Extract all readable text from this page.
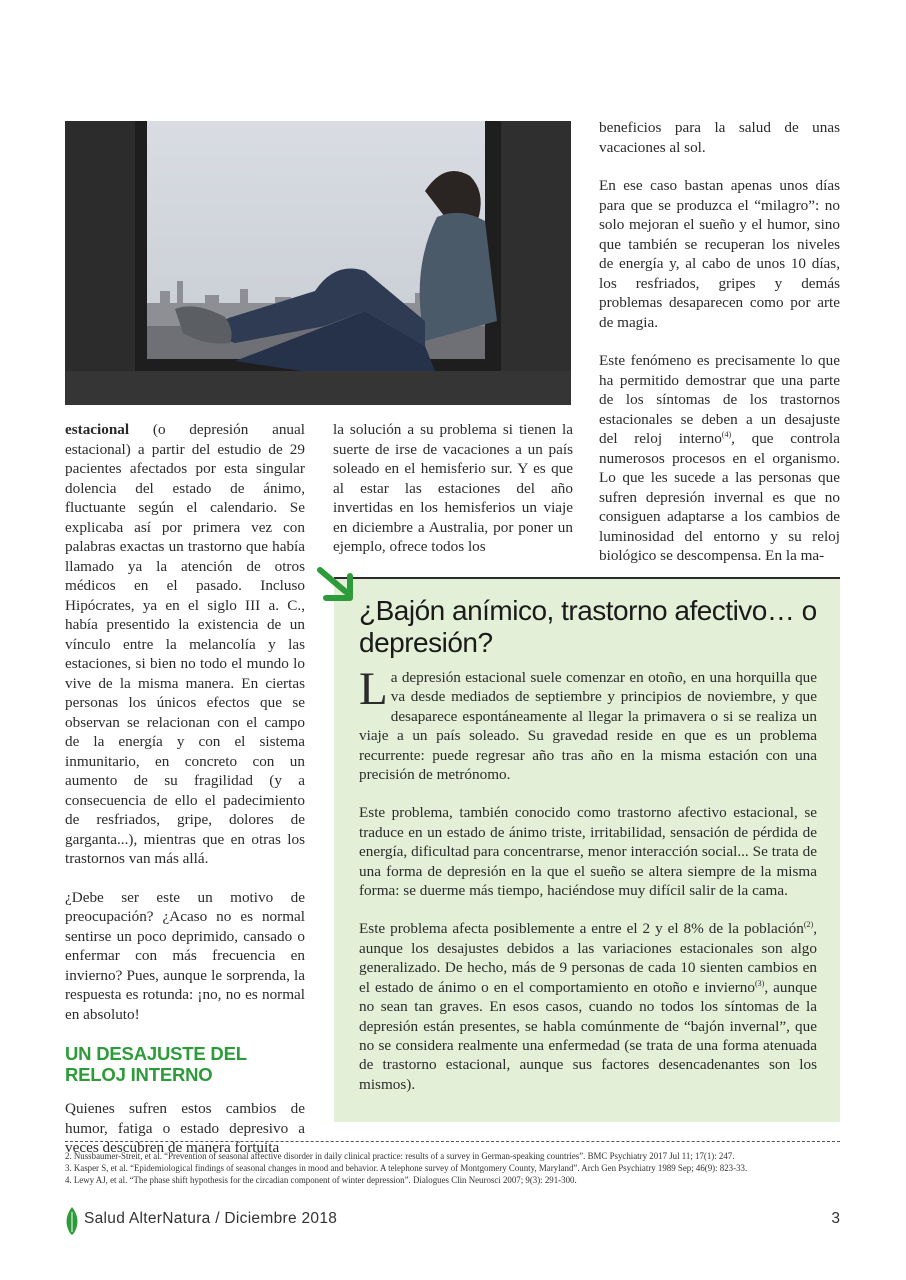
beneficios para la salud de unas vacaciones al sol.

En ese caso bastan apenas unos días para que se produzca el “milagro”: no solo mejoran el sueño y el humor, sino que también se recuperan los niveles de energía y, al cabo de unos 10 días, los resfriados, gripes y demás problemas desaparecen como por arte de magia.

Este fenómeno es precisamente lo que ha permitido demostrar que una parte de los síntomas de los trastornos estacionales se deben a un desajuste del reloj interno$^{(4)}$, que controla numerosos procesos en el organismo. Lo que les sucede a las personas que sufren depresión invernal es que no consiguen adaptarse a los cambios de luminosidad del entorno y su reloj biológico se descompensa. En la ma-

estacional (o depresión anual estacional) a partir del estudio de 29 pacientes afectados por esta singular dolencia del estado de ánimo, fluctuante según el calendario. Se explicaba así por primera vez con palabras exactas un trastorno que había llamado ya la atención de otros médicos en el pasado. Incluso Hipócrates, ya en el siglo III a. C., había presentido la existencia de un vínculo entre la melancolía y las estaciones, si bien no todo el mundo lo vive de la misma manera. En ciertas personas los únicos efectos que se observan se relacionan con el campo de la energía y con el sistema inmunitario, en concreto con un aumento de su fragilidad (y a consecuencia de ello el padecimiento de resfriados, gripe, dolores de garganta...), mientras que en otras los trastornos van más allá.

¿Debe ser este un motivo de preocupación? ¿Acaso no es normal sentirse un poco deprimido, cansado o enfermar con más frecuencia en invierno? Pues, aunque le sorprenda, la respuesta es rotunda: ¡no, no es normal en absoluto!

UN DESAJUSTE DEL RELOJ INTERNO

Quienes sufren estos cambios de humor, fatiga o estado depresivo a veces descubren de manera fortuita

la solución a su problema si tienen la suerte de irse de vacaciones a un país soleado en el hemisferio sur. Y es que al estar las estaciones del año invertidas en los hemisferios un viaje en diciembre a Australia, por poner un ejemplo, ofrece todos los

¿Bajón anímico, trastorno afectivo… o depresión?

La depresión estacional suele comenzar en otoño, en una horquilla que va desde mediados de septiembre y principios de noviembre, y que desaparece espontáneamente al llegar la primavera o si se realiza un viaje a un país soleado. Su gravedad reside en que es un problema recurrente: puede regresar año tras año en la misma estación con una precisión de metrónomo.

Este problema, también conocido como trastorno afectivo estacional, se traduce en un estado de ánimo triste, irritabilidad, sensación de pérdida de energía, dificultad para concentrarse, menor interacción social... Se trata de una forma de depresión en la que el sueño se altera siempre de la misma forma: se duerme más tiempo, haciéndose muy difícil salir de la cama.

Este problema afecta posiblemente a entre el 2 y el 8% de la población$^{(2)}$, aunque los desajustes debidos a las variaciones estacionales son algo generalizado. De hecho, más de 9 personas de cada 10 sienten cambios en el estado de ánimo o en el comportamiento en otoño e invierno$^{(3)}$, aunque no sean tan graves. En esos casos, cuando no todos los síntomas de la depresión están presentes, se habla comúnmente de “bajón invernal”, que no se considera realmente una enfermedad (se trata de una forma atenuada de trastorno estacional, aunque sus factores desencadenantes son los mismos).

2. Nussbaumer-Streit, et al. “Prevention of seasonal affective disorder in daily clinical practice: results of a survey in German-speaking countries”. BMC Psychiatry 2017 Jul 11; 17(1): 247.
3. Kasper S, et al. “Epidemiological findings of seasonal changes in mood and behavior. A telephone survey of Montgomery County, Maryland”. Arch Gen Psychiatry 1989 Sep; 46(9): 823-33.
4. Lewy AJ, et al. “The phase shift hypothesis for the circadian component of winter depression”. Dialogues Clin Neurosci 2007; 9(3): 291-300.
Salud AlterNatura / Diciembre 2018	3
